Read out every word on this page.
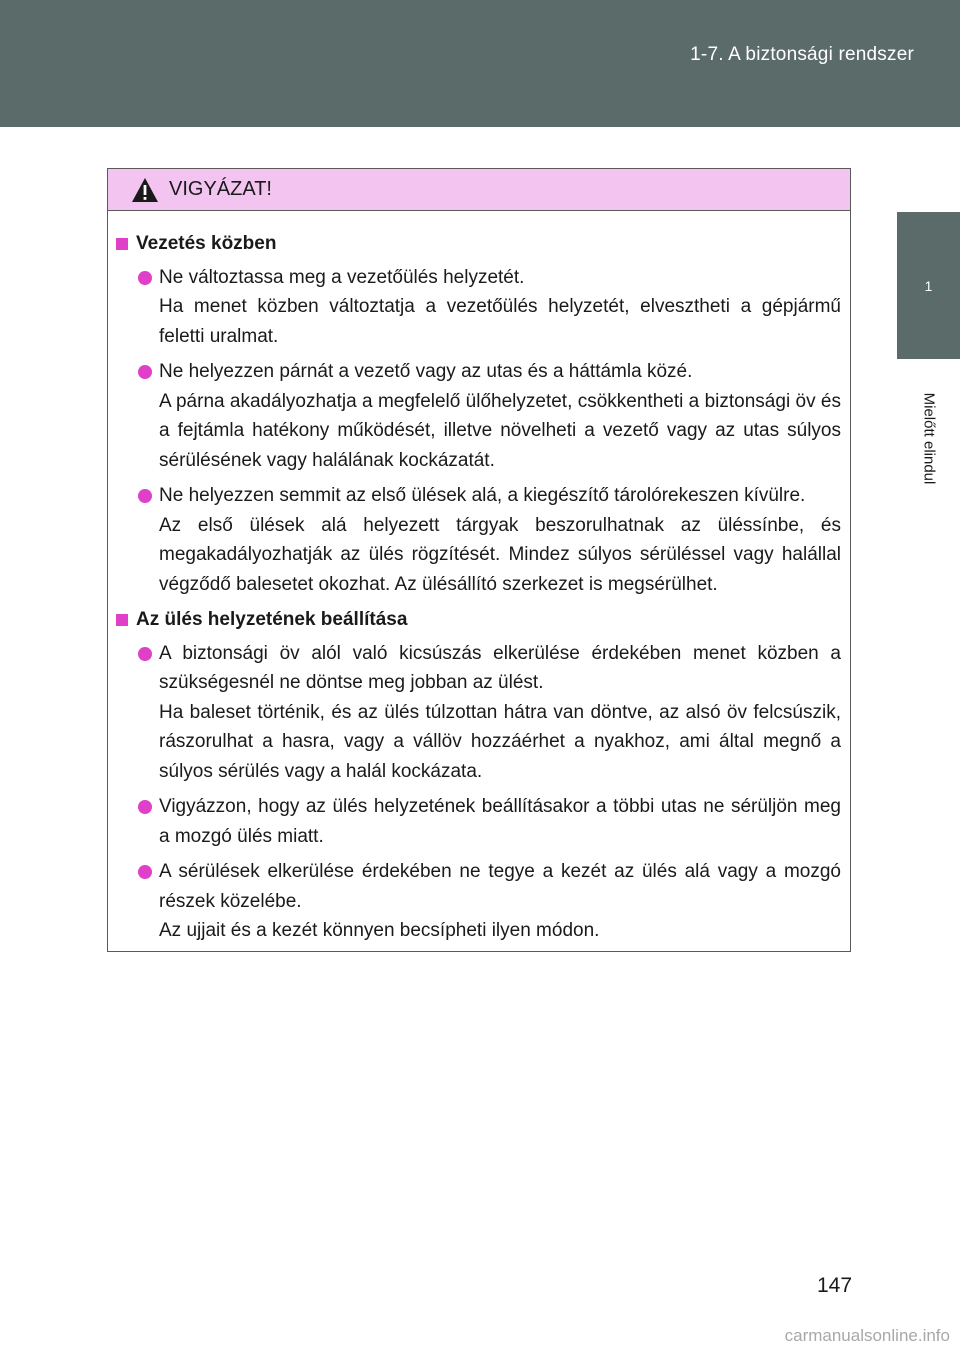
1-7. A biztonsági rendszer
1
Mielőtt elindul
VIGYÁZAT!
Vezetés közben

Ne változtassa meg a vezetőülés helyzetét.

Ha menet közben változtatja a vezetőülés helyzetét, elvesztheti a gépjármű feletti uralmat.

Ne helyezzen párnát a vezető vagy az utas és a háttámla közé.

A párna akadályozhatja a megfelelő ülőhelyzetet, csökkentheti a biztonsági öv és a fejtámla hatékony működését, illetve növelheti a vezető vagy az utas súlyos sérülésének vagy halálának kockázatát.

Ne helyezzen semmit az első ülések alá, a kiegészítő tárolórekeszen kívülre.

Az első ülések alá helyezett tárgyak beszorulhatnak az üléssínbe, és megakadályozhatják az ülés rögzítését. Mindez súlyos sérüléssel vagy halállal végződő balesetet okozhat. Az ülésállító szerkezet is megsérülhet.

Az ülés helyzetének beállítása

A biztonsági öv alól való kicsúszás elkerülése érdekében menet közben a szükségesnél ne döntse meg jobban az ülést.

Ha baleset történik, és az ülés túlzottan hátra van döntve, az alsó öv felcsúszik, rászorulhat a hasra, vagy a vállöv hozzáérhet a nyakhoz, ami által megnő a súlyos sérülés vagy a halál kockázata.

Vigyázzon, hogy az ülés helyzetének beállításakor a többi utas ne sérüljön meg a mozgó ülés miatt.

A sérülések elkerülése érdekében ne tegye a kezét az ülés alá vagy a mozgó részek közelébe.

Az ujjait és a kezét könnyen becsípheti ilyen módon.

147
carmanualsonline.info
